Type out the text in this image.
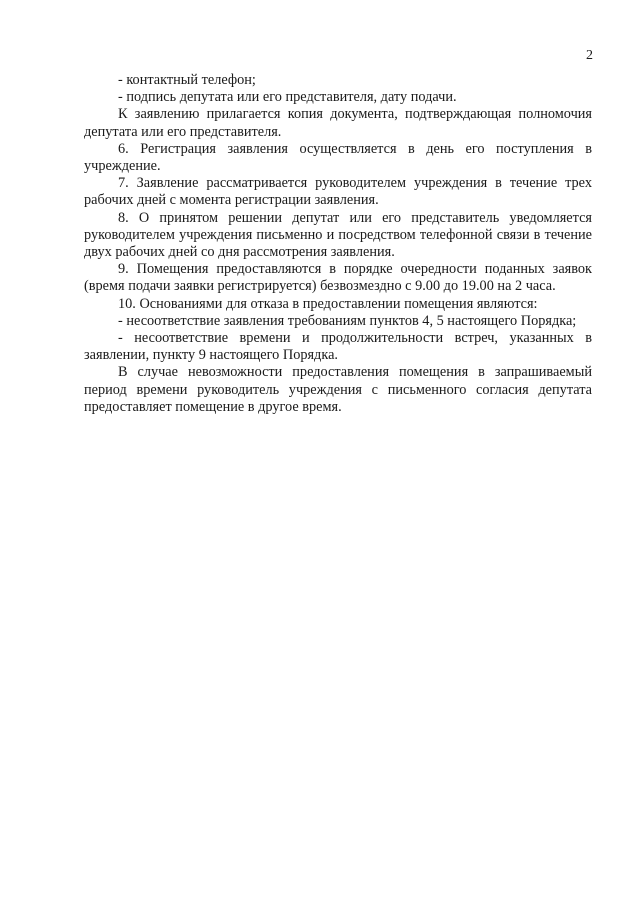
2

- контактный телефон;

- подпись депутата или его представителя, дату подачи.

К заявлению прилагается копия документа, подтверждающая полномочия депутата или его представителя.

6. Регистрация заявления осуществляется в день его поступления в учреждение.

7. Заявление рассматривается руководителем учреждения в течение трех рабочих дней с момента регистрации заявления.

8. О принятом решении депутат или его представитель уведомляется руководителем учреждения письменно и посредством телефонной связи в течение двух рабочих дней со дня рассмотрения заявления.

9. Помещения предоставляются в порядке очередности поданных заявок (время подачи заявки регистрируется) безвозмездно с 9.00 до 19.00 на 2 часа.

10. Основаниями для отказа в предоставлении помещения являются:

- несоответствие заявления требованиям пунктов 4, 5 настоящего Порядка;

- несоответствие времени и продолжительности встреч, указанных в заявлении, пункту 9 настоящего Порядка.

В случае невозможности предоставления помещения в запрашиваемый период времени руководитель учреждения с письменного согласия депутата предоставляет помещение в другое время.
